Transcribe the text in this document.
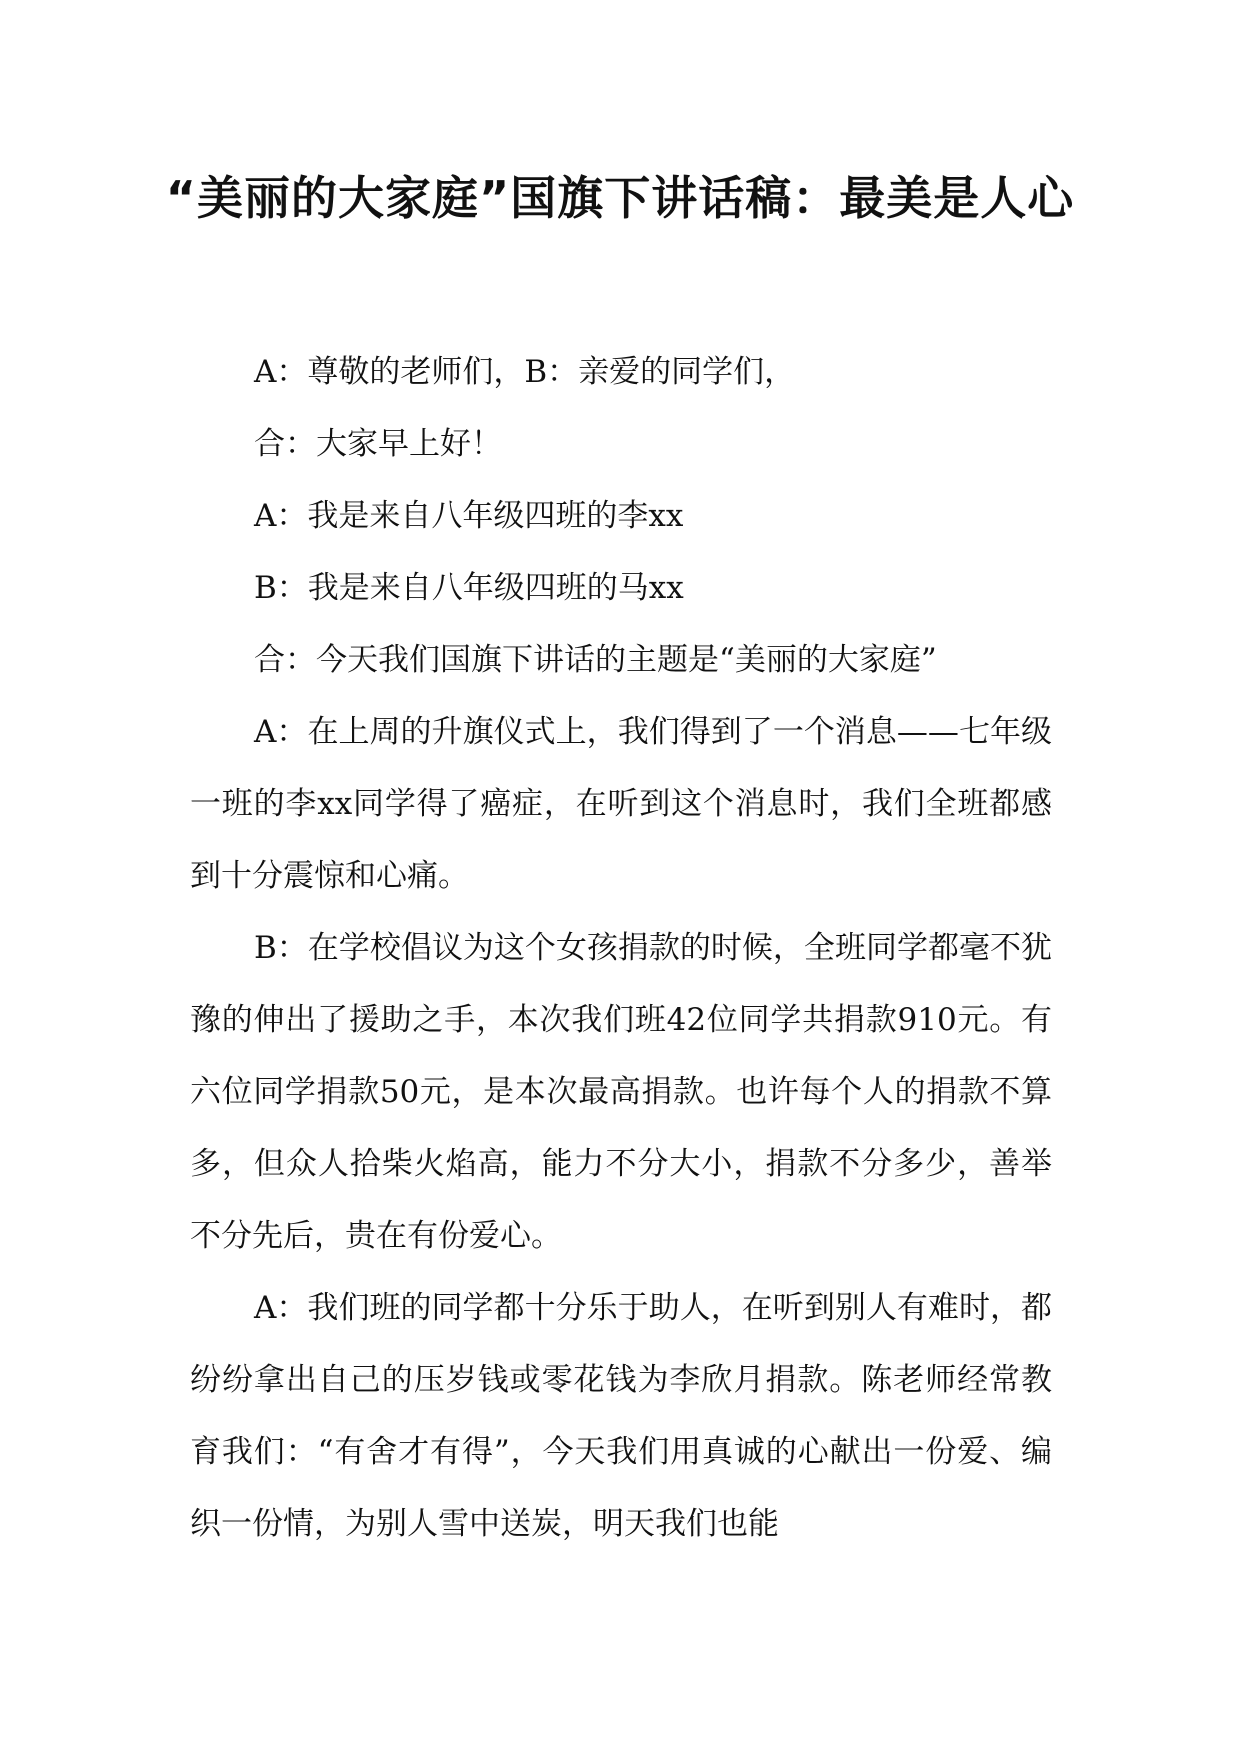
“美丽的大家庭”国旗下讲话稿：最美是人心

A：尊敬的老师们，B：亲爱的同学们，

合：大家早上好！

A：我是来自八年级四班的李xx

B：我是来自八年级四班的马xx

合：今天我们国旗下讲话的主题是“美丽的大家庭”

A：在上周的升旗仪式上，我们得到了一个消息——七年级一班的李xx同学得了癌症，在听到这个消息时，我们全班都感到十分震惊和心痛。

B：在学校倡议为这个女孩捐款的时候，全班同学都毫不犹豫的伸出了援助之手，本次我们班42位同学共捐款910元。有六位同学捐款50元，是本次最高捐款。也许每个人的捐款不算多，但众人拾柴火焰高，能力不分大小，捐款不分多少，善举不分先后，贵在有份爱心。

A：我们班的同学都十分乐于助人，在听到别人有难时，都纷纷拿出自己的压岁钱或零花钱为李欣月捐款。陈老师经常教育我们：“有舍才有得”，今天我们用真诚的心献出一份爱、编织一份情，为别人雪中送炭，明天我们也能
